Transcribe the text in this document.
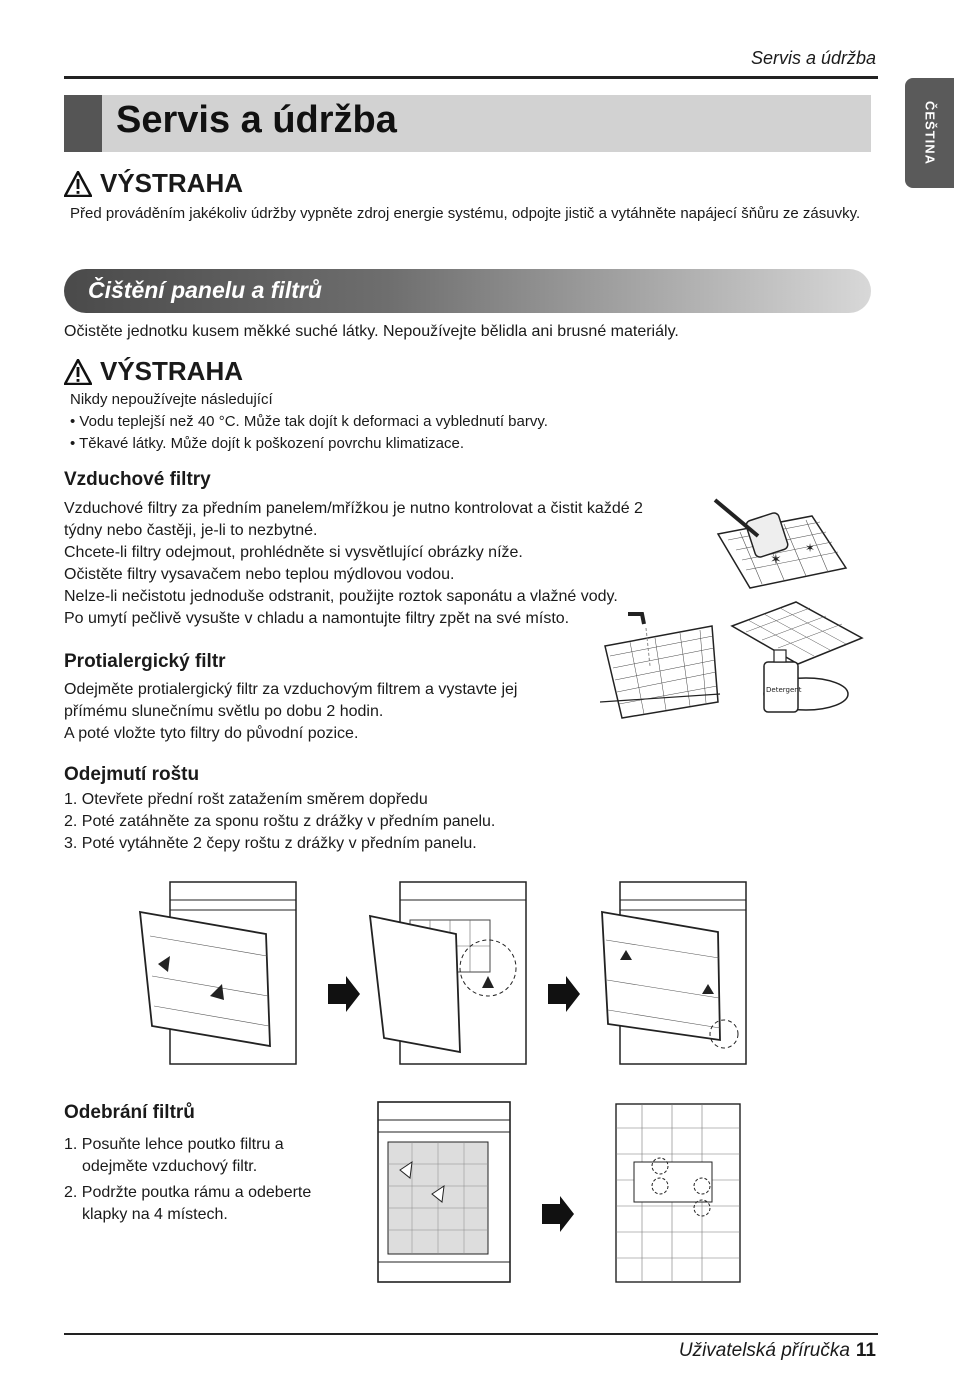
Servis a údržba
ČEŠTINA
Servis a údržba
VÝSTRAHA
Před prováděním jakékoliv údržby vypněte zdroj energie systému, odpojte jistič a vytáhněte napájecí šňůru ze zásuvky.
Čištění panelu a filtrů
Očistěte jednotku kusem měkké suché látky. Nepoužívejte bělidla ani brusné materiály.
VÝSTRAHA
Nikdy nepoužívejte následující
• Vodu teplejší než 40 °C. Může tak dojít k deformaci a vyblednutí barvy.
• Těkavé látky. Může dojít k poškození povrchu klimatizace.
Vzduchové filtry
Vzduchové filtry za předním panelem/mřížkou je nutno kontrolovat a čistit každé 2
týdny nebo častěji, je-li to nezbytné.
Chcete-li filtry odejmout, prohlédněte si vysvětlující obrázky níže.
Očistěte filtry vysavačem nebo teplou mýdlovou vodou.
Nelze-li nečistotu jednoduše odstranit, použijte roztok saponátu a vlažné vody.
Po umytí pečlivě vysušte v chladu a namontujte filtry zpět na své místo.
Protialergický filtr
Odejměte protialergický filtr za vzduchovým filtrem a vystavte jej
přímému slunečnímu světlu po dobu 2 hodin.
A poté vložte tyto filtry do původní pozice.
✶
✶
Detergent
Odejmutí roštu
1. Otevřete přední rošt zatažením směrem dopředu
2. Poté zatáhněte za sponu roštu z drážky v předním panelu.
3. Poté vytáhněte 2 čepy roštu z drážky v předním panelu.
Odebrání filtrů
1. Posuňte lehce poutko filtru a
odejměte vzduchový filtr.
2. Podržte poutka rámu a odeberte
klapky na 4 místech.
Uživatelská příručka 11
